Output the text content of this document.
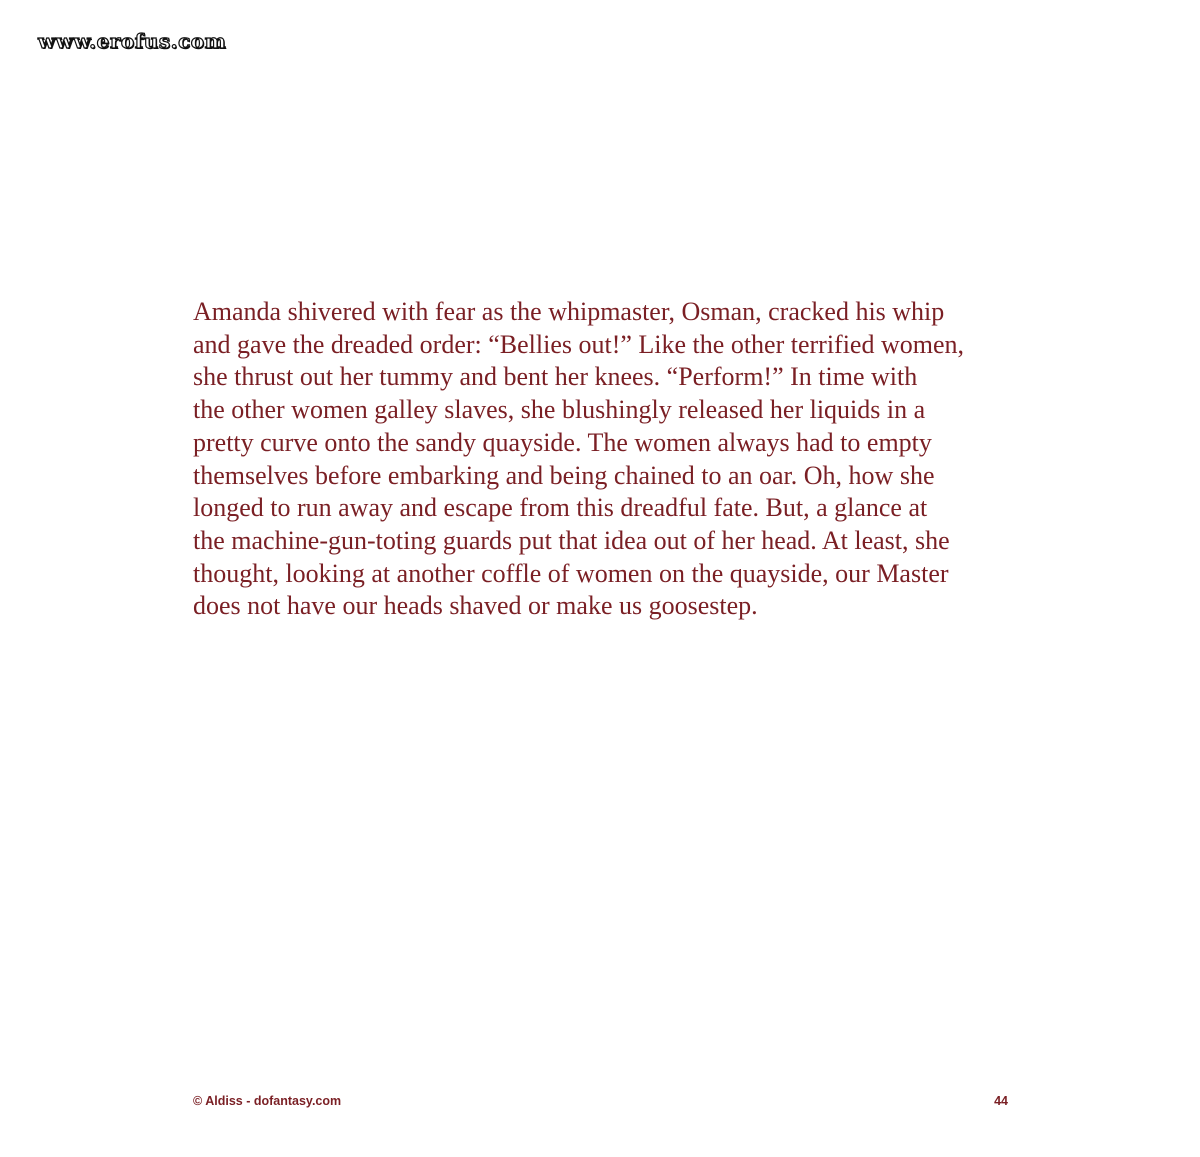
www.erofus.com

Amanda shivered with fear as the whipmaster, Osman, cracked his whip
and gave the dreaded order: “Bellies out!” Like the other terrified women,
she thrust out her tummy and bent her knees. “Perform!” In time with
the other women galley slaves, she blushingly released her liquids in a
pretty curve onto the sandy quayside. The women always had to empty
themselves before embarking and being chained to an oar. Oh, how she
longed to run away and escape from this dreadful fate. But, a glance at
the machine-gun-toting guards put that idea out of her head. At least, she
thought, looking at another coffle of women on the quayside, our Master
does not have our heads shaved or make us goosestep.

© Aldiss - dofantasy.com	44
